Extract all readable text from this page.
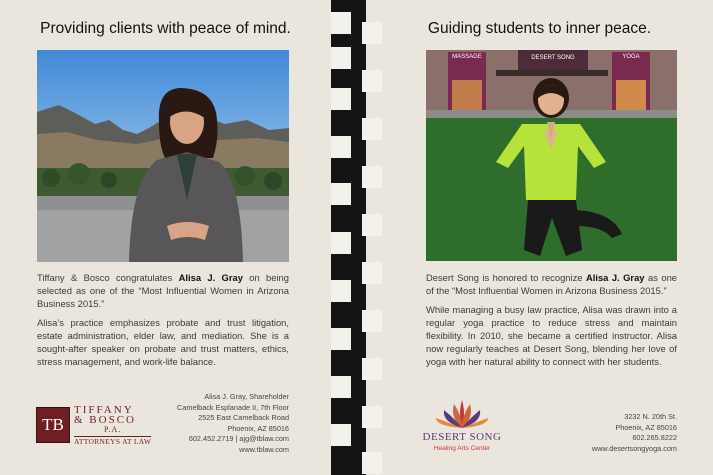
Providing clients with peace of mind.

Tiffany & Bosco congratulates Alisa J. Gray on being selected as one of the “Most Influential Women in Arizona Business 2015.”

Alisa’s practice emphasizes probate and trust litigation, estate administration, elder law, and mediation. She is a sought-after speaker on probate and trust matters, ethics, stress management, and work-life balance.

TB
TIFFANY
& BOSCO
P.A.
ATTORNEYS AT LAW
Alisa J. Gray, Shareholder
Camelback Esplanade II, 7th Floor
2525 East Camelback Road
Phoenix, AZ 85016
602.452.2719 | ajg@tblaw.com
www.tblaw.com
Guiding students to inner peace.
MASSAGE	DESERT SONG	YOGA

Desert Song is honored to recognize Alisa J. Gray as one of the “Most Influential Women in Arizona Business 2015.”

While managing a busy law practice, Alisa was drawn into a regular yoga practice to reduce stress and maintain flexibility. In 2010, she became a certified instructor. Alisa now regularly teaches at Desert Song, blending her love of yoga with her natural ability to connect with her students.

DESERT SONG
Healing Arts Center
3232 N. 20th St.
Phoenix, AZ 85016
602.265.8222
www.desertsongyoga.com
